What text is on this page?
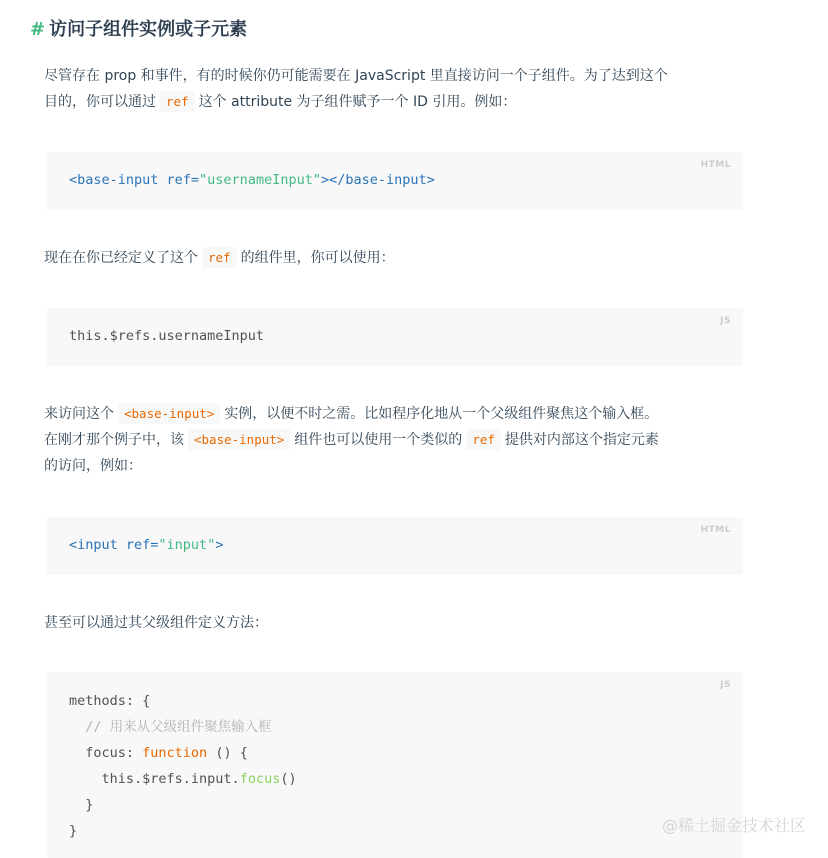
# 访问子组件实例或子元素
尽管存在 prop 和事件，有的时候你仍可能需要在 JavaScript 里直接访问一个子组件。为了达到这个
目的，你可以通过 ref 这个 attribute 为子组件赋予一个 ID 引用。例如：
HTML
<base-input ref="usernameInput"></base-input>
现在在你已经定义了这个 ref 的组件里，你可以使用：
JS
this.$refs.usernameInput
来访问这个 <base-input> 实例，以便不时之需。比如程序化地从一个父级组件聚焦这个输入框。
在刚才那个例子中，该 <base-input> 组件也可以使用一个类似的 ref 提供对内部这个指定元素
的访问，例如：
HTML
<input ref="input">
甚至可以通过其父级组件定义方法：
JS
methods: {
// 用来从父级组件聚焦输入框
focus: function () {
this.$refs.input.focus()
}
}	@稀土掘金技术社区
